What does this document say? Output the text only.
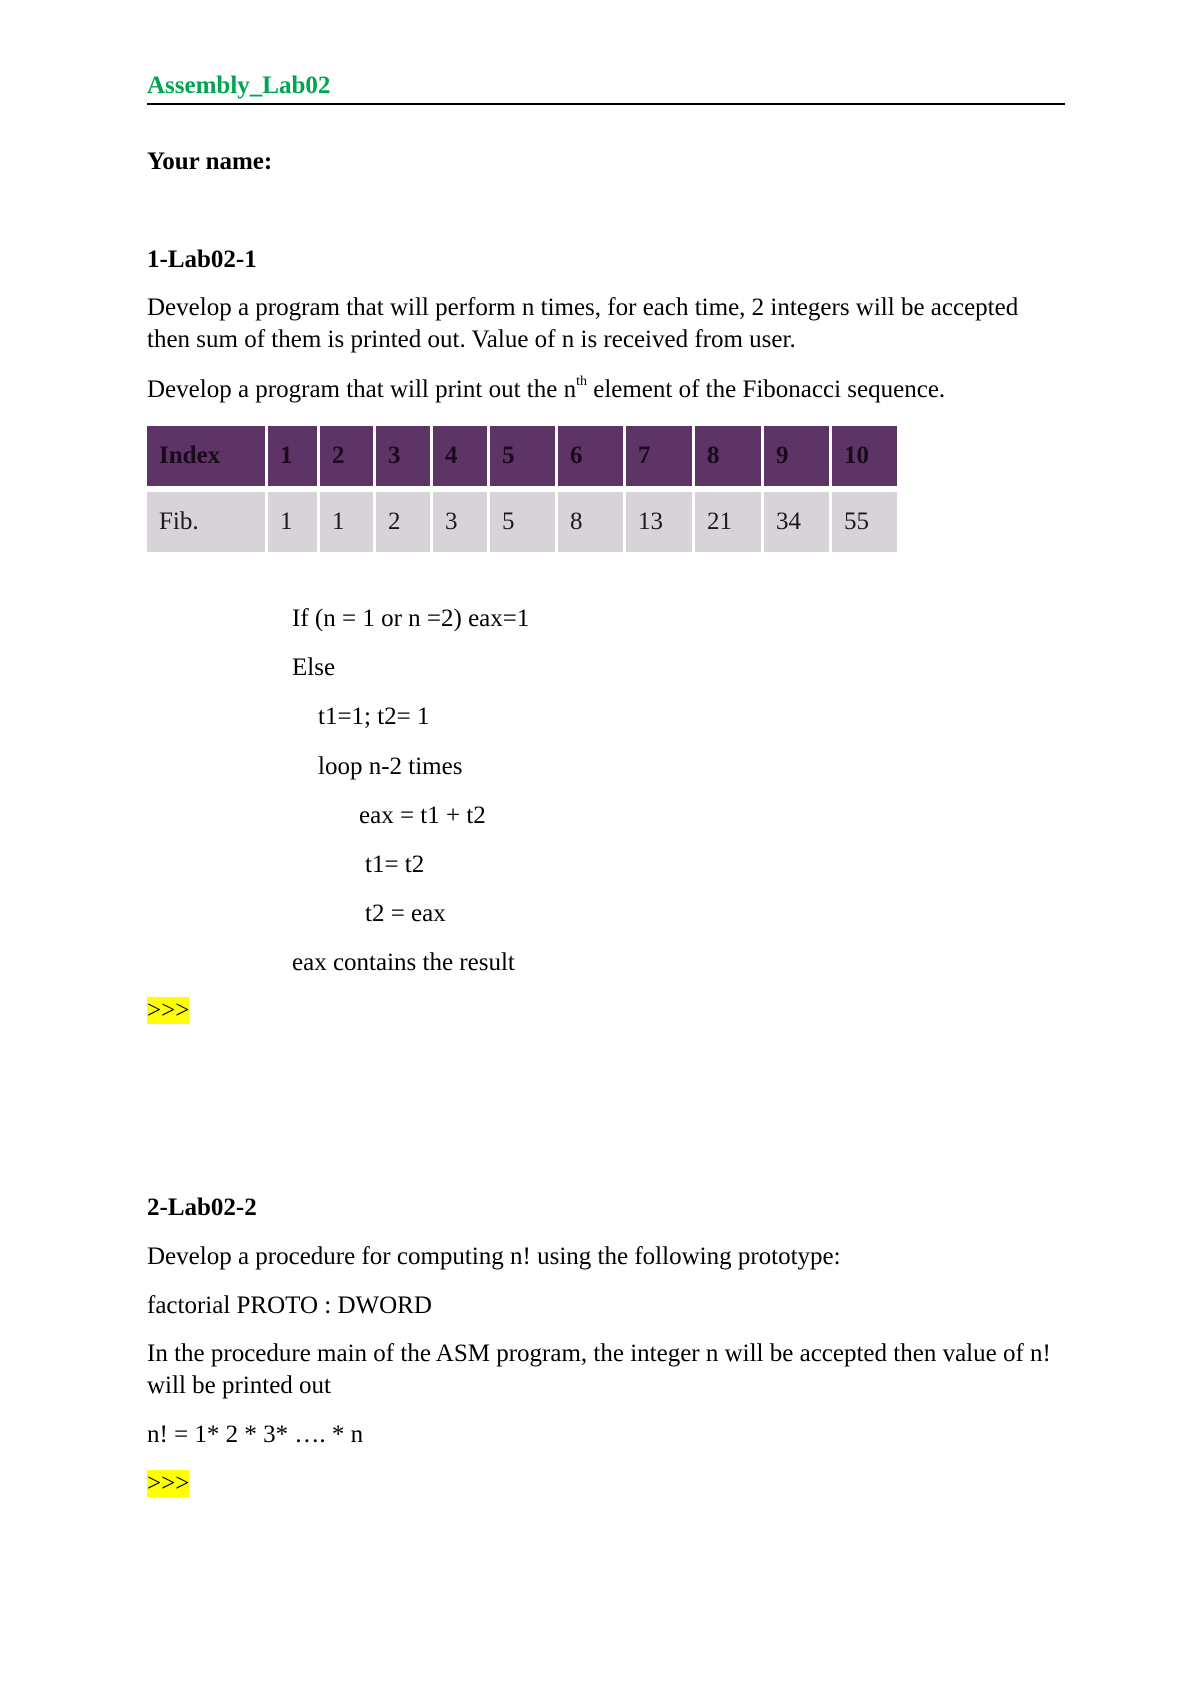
Assembly_Lab02
Your name:
1-Lab02-1
Develop a program that will perform n times, for each time, 2 integers will be accepted then sum of them is printed out. Value of n is received from user.
Develop a program that will print out the $n^{th}$ element of the Fibonacci sequence.
Index	1	2	3	4	5	6	7	8	9	10

Fib.	1	1	2	3	5	8	13	21	34	55
If (n = 1 or n =2) eax=1
Else
t1=1; t2= 1
loop n-2 times
eax = t1 + t2
t1= t2
t2 = eax
eax contains the result
>>>
2-Lab02-2
Develop a procedure for computing n! using the following prototype:
factorial PROTO : DWORD
In the procedure main of the ASM program, the integer n will be accepted then value of n! will be printed out
n! = 1* 2 * 3* …. * n
>>>
